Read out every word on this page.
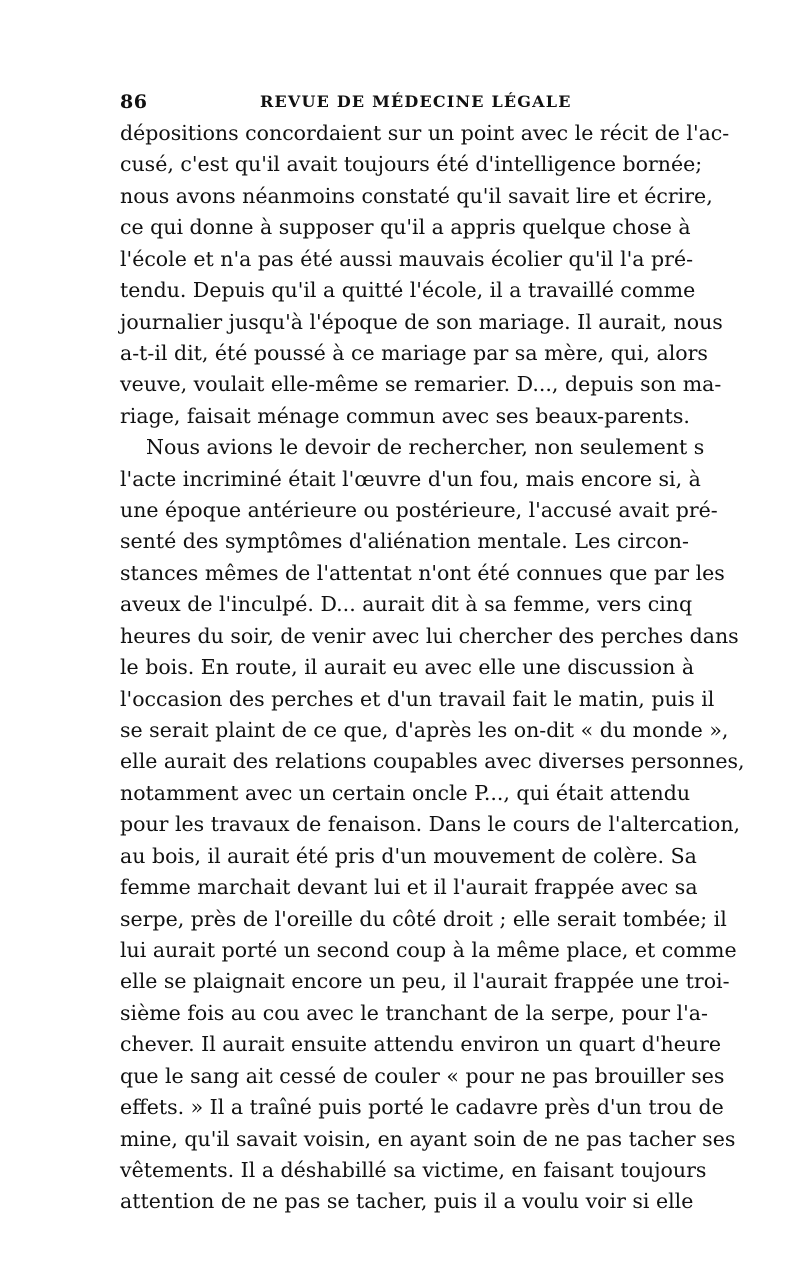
86	REVUE DE MÉDECINE LÉGALE
dépositions concordaient sur un point avec le récit de l'ac-
cusé, c'est qu'il avait toujours été d'intelligence bornée;
nous avons néanmoins constaté qu'il savait lire et écrire,
ce qui donne à supposer qu'il a appris quelque chose à
l'école et n'a pas été aussi mauvais écolier qu'il l'a pré-
tendu. Depuis qu'il a quitté l'école, il a travaillé comme
journalier jusqu'à l'époque de son mariage. Il aurait, nous
a-t-il dit, été poussé à ce mariage par sa mère, qui, alors
veuve, voulait elle-même se remarier. D..., depuis son ma-
riage, faisait ménage commun avec ses beaux-parents.
Nous avions le devoir de rechercher, non seulement s
l'acte incriminé était l'œuvre d'un fou, mais encore si, à
une époque antérieure ou postérieure, l'accusé avait pré-
senté des symptômes d'aliénation mentale. Les circon-
stances mêmes de l'attentat n'ont été connues que par les
aveux de l'inculpé. D... aurait dit à sa femme, vers cinq
heures du soir, de venir avec lui chercher des perches dans
le bois. En route, il aurait eu avec elle une discussion à
l'occasion des perches et d'un travail fait le matin, puis il
se serait plaint de ce que, d'après les on-dit « du monde »,
elle aurait des relations coupables avec diverses personnes,
notamment avec un certain oncle P..., qui était attendu
pour les travaux de fenaison. Dans le cours de l'altercation,
au bois, il aurait été pris d'un mouvement de colère. Sa
femme marchait devant lui et il l'aurait frappée avec sa
serpe, près de l'oreille du côté droit ; elle serait tombée; il
lui aurait porté un second coup à la même place, et comme
elle se plaignait encore un peu, il l'aurait frappée une troi-
sième fois au cou avec le tranchant de la serpe, pour l'a-
chever. Il aurait ensuite attendu environ un quart d'heure
que le sang ait cessé de couler « pour ne pas brouiller ses
effets. » Il a traîné puis porté le cadavre près d'un trou de
mine, qu'il savait voisin, en ayant soin de ne pas tacher ses
vêtements. Il a déshabillé sa victime, en faisant toujours
attention de ne pas se tacher, puis il a voulu voir si elle
